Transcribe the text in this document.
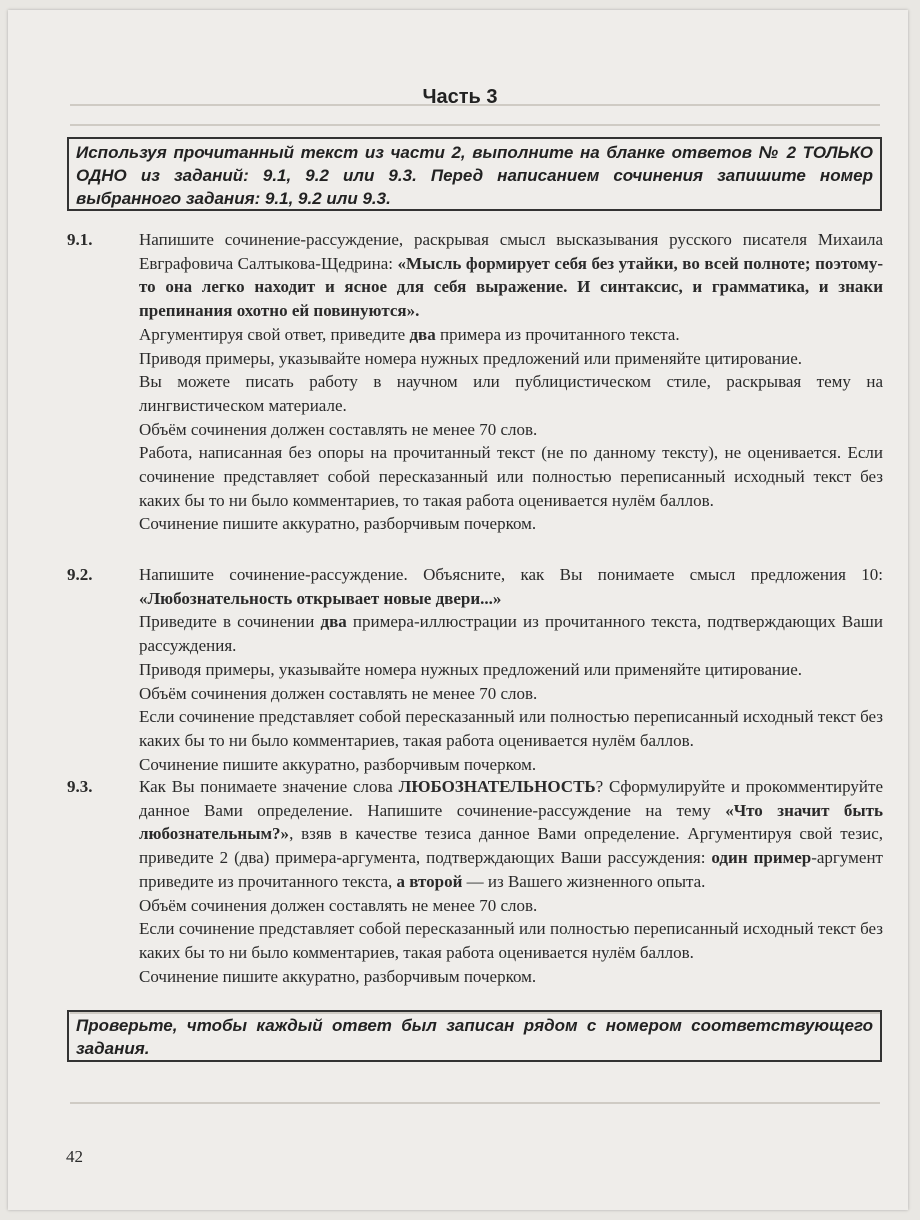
Часть 3

Используя прочитанный текст из части 2, выполните на бланке ответов № 2 ТОЛЬКО ОДНО из заданий: 9.1, 9.2 или 9.3. Перед написанием сочинения запишите номер выбранного задания: 9.1, 9.2 или 9.3.

9.1.	Напишите сочинение-рассуждение, раскрывая смысл высказывания русского писателя Михаила Евграфовича Салтыкова-Щедрина: «Мысль формирует себя без утайки, во всей полноте; поэтому-то она легко находит и ясное для себя выражение. И синтаксис, и грамматика, и знаки препинания охотно ей повинуются».

Аргументируя свой ответ, приведите два примера из прочитанного текста.

Приводя примеры, указывайте номера нужных предложений или применяйте цитирование.

Вы можете писать работу в научном или публицистическом стиле, раскрывая тему на лингвистическом материале.

Объём сочинения должен составлять не менее 70 слов.

Работа, написанная без опоры на прочитанный текст (не по данному тексту), не оценивается. Если сочинение представляет собой пересказанный или полностью переписанный исходный текст без каких бы то ни было комментариев, то такая работа оценивается нулём баллов.

Сочинение пишите аккуратно, разборчивым почерком.

9.2.	Напишите сочинение-рассуждение. Объясните, как Вы понимаете смысл предложения 10: «Любознательность открывает новые двери...»

Приведите в сочинении два примера-иллюстрации из прочитанного текста, подтверждающих Ваши рассуждения.

Приводя примеры, указывайте номера нужных предложений или применяйте цитирование.

Объём сочинения должен составлять не менее 70 слов.

Если сочинение представляет собой пересказанный или полностью переписанный исходный текст без каких бы то ни было комментариев, такая работа оценивается нулём баллов.

Сочинение пишите аккуратно, разборчивым почерком.

9.3.	Как Вы понимаете значение слова ЛЮБОЗНАТЕЛЬНОСТЬ? Сформулируйте и прокомментируйте данное Вами определение. Напишите сочинение-рассуждение на тему «Что значит быть любознательным?», взяв в качестве тезиса данное Вами определение. Аргументируя свой тезис, приведите 2 (два) примера-аргумента, подтверждающих Ваши рассуждения: один пример-аргумент приведите из прочитанного текста, а второй — из Вашего жизненного опыта.

Объём сочинения должен составлять не менее 70 слов.

Если сочинение представляет собой пересказанный или полностью переписанный исходный текст без каких бы то ни было комментариев, такая работа оценивается нулём баллов.

Сочинение пишите аккуратно, разборчивым почерком.

Проверьте, чтобы каждый ответ был записан рядом с номером соответствующего задания.

42
